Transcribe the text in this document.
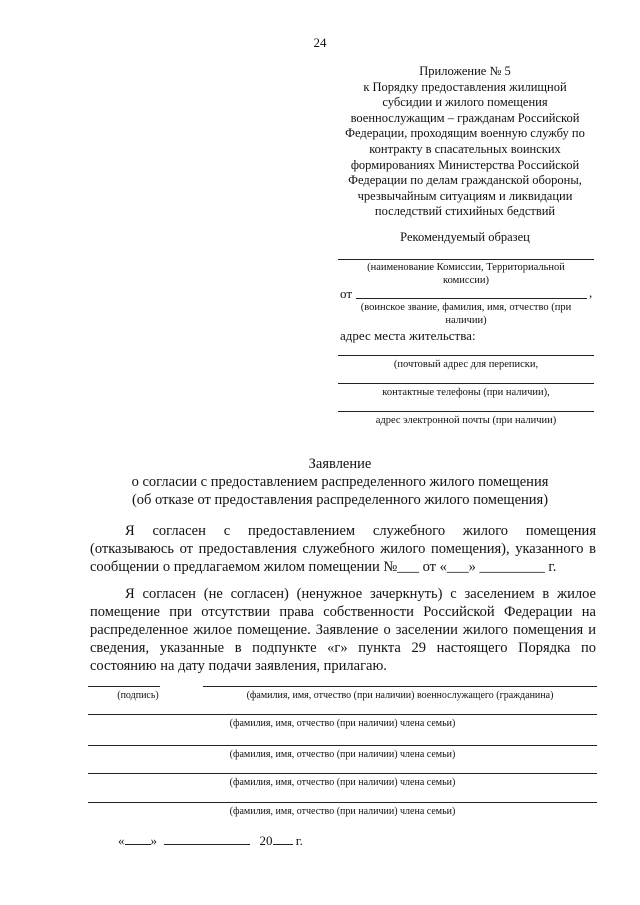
24
Приложение № 5
к Порядку предоставления жилищной
субсидии и жилого помещения
военнослужащим – гражданам Российской
Федерации, проходящим военную службу по
контракту в спасательных воинских
формированиях Министерства Российской
Федерации по делам гражданской обороны,
чрезвычайным ситуациям и ликвидации
последствий стихийных бедствий
Рекомендуемый образец
(наименование Комиссии, Территориальной
комиссии)
от	,
(воинское звание, фамилия, имя, отчество (при
наличии)
адрес места жительства:
(почтовый адрес для переписки,
контактные телефоны (при наличии),
адрес электронной почты (при наличии)
Заявление
о согласии с предоставлением распределенного жилого помещения
(об отказе от предоставления распределенного жилого помещения)
Я согласен с предоставлением служебного жилого помещения (отказываюсь от предоставления служебного жилого помещения), указанного в сообщении о предлагаемом жилом помещении №___ от «___» _________ г.
Я согласен (не согласен) (ненужное зачеркнуть) с заселением в жилое помещение при отсутствии права собственности Российской Федерации на распределенное жилое помещение. Заявление о заселении жилого помещения и сведения, указанные в подпункте «г» пункта 29 настоящего Порядка по состоянию на дату подачи заявления, прилагаю.
(подпись)	(фамилия, имя, отчество (при наличии) военнослужащего (гражданина)
(фамилия, имя, отчество (при наличии) члена семьи)
(фамилия, имя, отчество (при наличии) члена семьи)
(фамилия, имя, отчество (при наличии) члена семьи)
(фамилия, имя, отчество (при наличии) члена семьи)
« »	20 г.
